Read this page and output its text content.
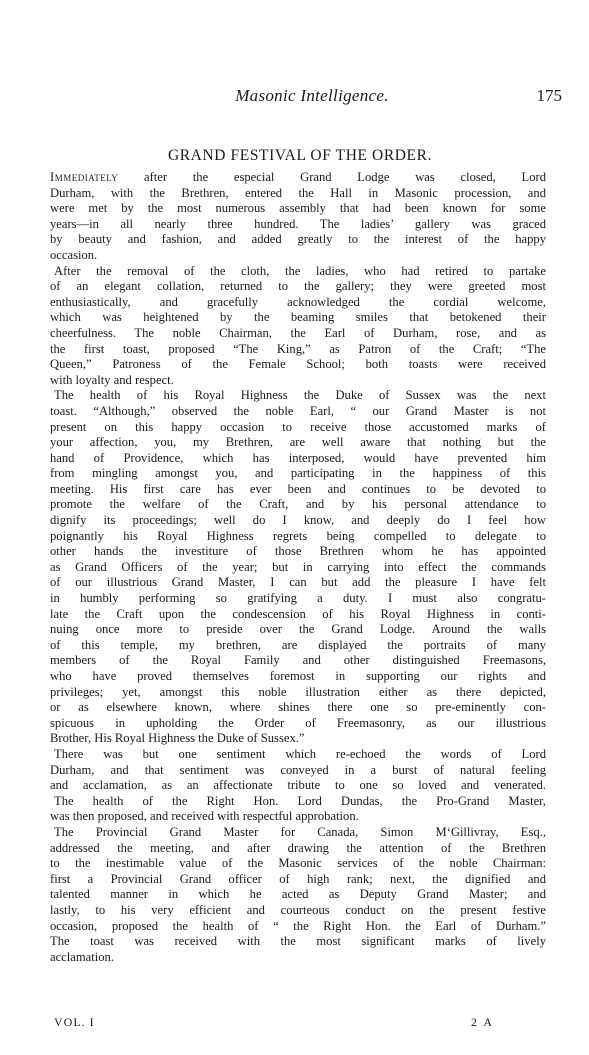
Masonic Intelligence.	175
GRAND FESTIVAL OF THE ORDER.
Immediately after the especial Grand Lodge was closed, Lord
Durham, with the Brethren, entered the Hall in Masonic procession, and
were met by the most numerous assembly that had been known for some
years—in all nearly three hundred. The ladies’ gallery was graced
by beauty and fashion, and added greatly to the interest of the happy
occasion.
After the removal of the cloth, the ladies, who had retired to partake
of an elegant collation, returned to the gallery; they were greeted most
enthusiastically, and gracefully acknowledged the cordial welcome,
which was heightened by the beaming smiles that betokened their
cheerfulness. The noble Chairman, the Earl of Durham, rose, and as
the first toast, proposed “The King,” as Patron of the Craft; “The
Queen,” Patroness of the Female School; both toasts were received
with loyalty and respect.
The health of his Royal Highness the Duke of Sussex was the next
toast. “Although,” observed the noble Earl, “ our Grand Master is not
present on this happy occasion to receive those accustomed marks of
your affection, you, my Brethren, are well aware that nothing but the
hand of Providence, which has interposed, would have prevented him
from mingling amongst you, and participating in the happiness of this
meeting. His first care has ever been and continues to be devoted to
promote the welfare of the Craft, and by his personal attendance to
dignify its proceedings; well do I know, and deeply do I feel how
poignantly his Royal Highness regrets being compelled to delegate to
other hands the investiture of those Brethren whom he has appointed
as Grand Officers of the year; but in carrying into effect the commands
of our illustrious Grand Master, I can but add the pleasure I have felt
in humbly performing so gratifying a duty. I must also congratu-
late the Craft upon the condescension of his Royal Highness in conti-
nuing once more to preside over the Grand Lodge. Around the walls
of this temple, my brethren, are displayed the portraits of many
members of the Royal Family and other distinguished Freemasons,
who have proved themselves foremost in supporting our rights and
privileges; yet, amongst this noble illustration either as there depicted,
or as elsewhere known, where shines there one so pre-eminently con-
spicuous in upholding the Order of Freemasonry, as our illustrious
Brother, His Royal Highness the Duke of Sussex.”
There was but one sentiment which re-echoed the words of Lord
Durham, and that sentiment was conveyed in a burst of natural feeling
and acclamation, as an affectionate tribute to one so loved and venerated.
The health of the Right Hon. Lord Dundas, the Pro-Grand Master,
was then proposed, and received with respectful approbation.
The Provincial Grand Master for Canada, Simon M‘Gillivray, Esq.,
addressed the meeting, and after drawing the attention of the Brethren
to the inestimable value of the Masonic services of the noble Chairman:
first a Provincial Grand officer of high rank; next, the dignified and
talented manner in which he acted as Deputy Grand Master; and
lastly, to his very efficient and courteous conduct on the present festive
occasion, proposed the health of “ the Right Hon. the Earl of Durham.”
The toast was received with the most significant marks of lively
acclamation.
VOL. I	2 A
